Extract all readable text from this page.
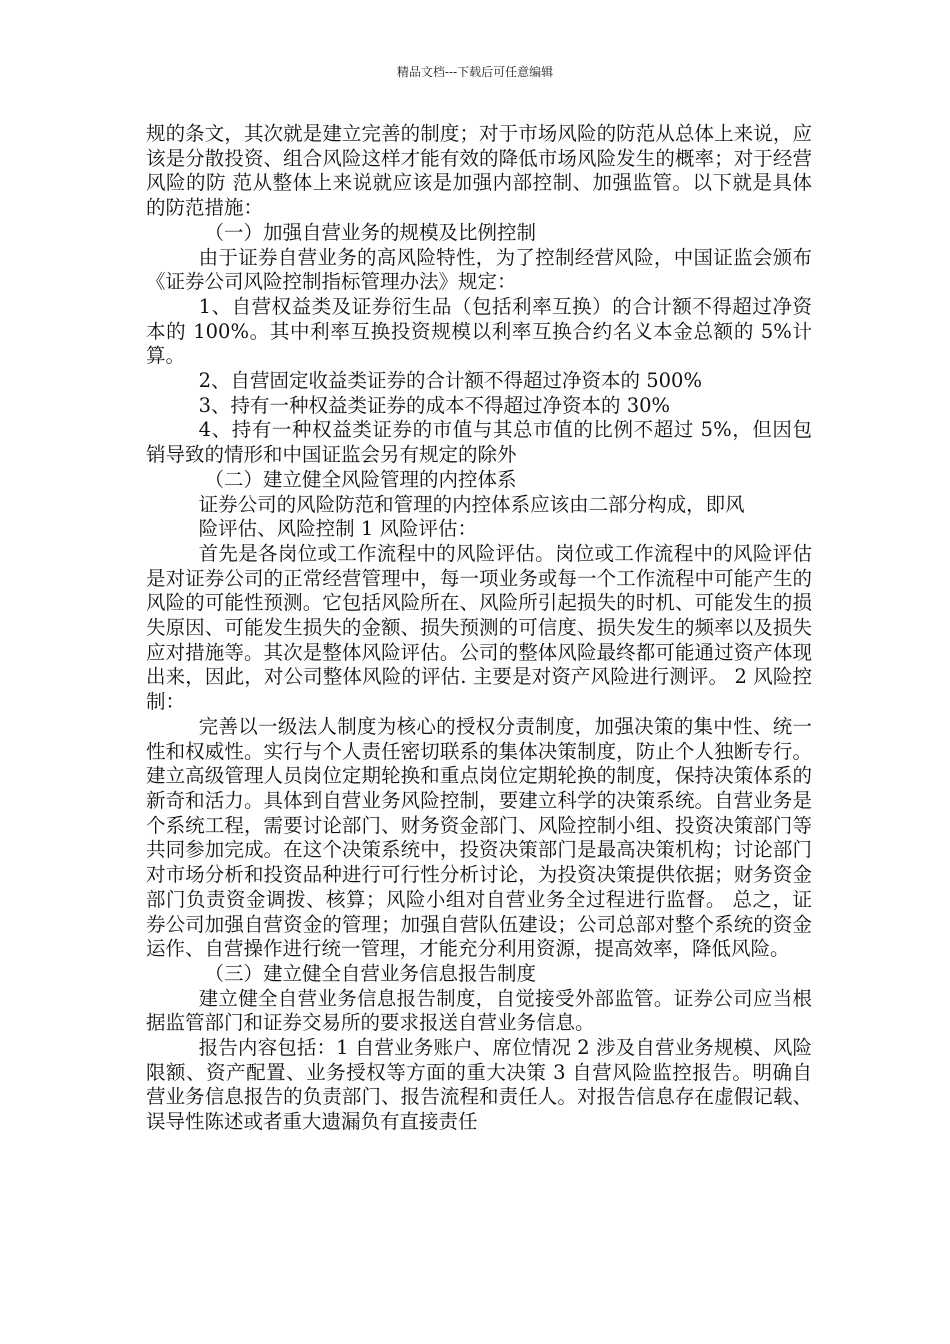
精品文档---下载后可任意编辑

规的条文，其次就是建立完善的制度；对于市场风险的防范从总体上来说，应该是分散投资、组合风险这样才能有效的降低市场风险发生的概率；对于经营风险的防 范从整体上来说就应该是加强内部控制、加强监管。以下就是具体的防范措施：

（一）加强自营业务的规模及比例控制

由于证券自营业务的高风险特性，为了控制经营风险，中国证监会颁布《证券公司风险控制指标管理办法》规定：

1、自营权益类及证券衍生品（包括利率互换）的合计额不得超过净资本的 100%。其中利率互换投资规模以利率互换合约名义本金总额的 5%计算。

2、自营固定收益类证券的合计额不得超过净资本的 500%

3、持有一种权益类证券的成本不得超过净资本的 30%

4、持有一种权益类证券的市值与其总市值的比例不超过 5%，但因包销导致的情形和中国证监会另有规定的除外

（二）建立健全风险管理的内控体系

证券公司的风险防范和管理的内控体系应该由二部分构成，即风

险评估、风险控制 1 风险评估：

首先是各岗位或工作流程中的风险评估。岗位或工作流程中的风险评估是对证券公司的正常经营管理中，每一项业务或每一个工作流程中可能产生的风险的可能性预测。它包括风险所在、风险所引起损失的时机、可能发生的损失原因、可能发生损失的金额、损失预测的可信度、损失发生的频率以及损失应对措施等。其次是整体风险评估。公司的整体风险最终都可能通过资产体现出来，因此，对公司整体风险的评估. 主要是对资产风险进行测评。 2 风险控制：

完善以一级法人制度为核心的授权分责制度，加强决策的集中性、统一性和权威性。实行与个人责任密切联系的集体决策制度，防止个人独断专行。建立高级管理人员岗位定期轮换和重点岗位定期轮换的制度，保持决策体系的新奇和活力。具体到自营业务风险控制，要建立科学的决策系统。自营业务是个系统工程，需要讨论部门、财务资金部门、风险控制小组、投资决策部门等共同参加完成。在这个决策系统中，投资决策部门是最高决策机构；讨论部门对市场分析和投资品种进行可行性分析讨论，为投资决策提供依据；财务资金部门负责资金调拨、核算；风险小组对自营业务全过程进行监督。 总之，证券公司加强自营资金的管理；加强自营队伍建设；公司总部对整个系统的资金运作、自营操作进行统一管理，才能充分利用资源，提高效率，降低风险。

（三）建立健全自营业务信息报告制度

建立健全自营业务信息报告制度，自觉接受外部监管。证券公司应当根据监管部门和证券交易所的要求报送自营业务信息。

报告内容包括：1 自营业务账户、席位情况 2 涉及自营业务规模、风险限额、资产配置、业务授权等方面的重大决策 3 自营风险监控报告。明确自营业务信息报告的负责部门、报告流程和责任人。对报告信息存在虚假记载、误导性陈述或者重大遗漏负有直接责任
